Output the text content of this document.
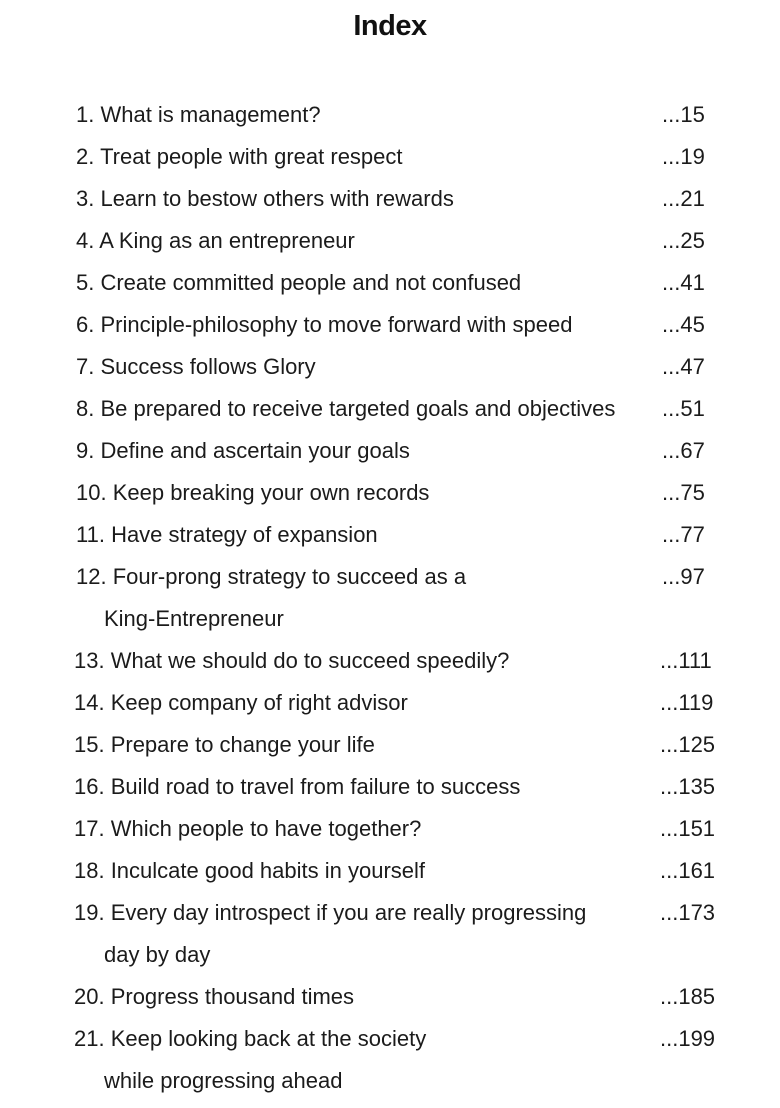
Index
1. What is management?	...15
2. Treat people with great respect	...19
3. Learn to bestow others with rewards	...21
4. A King as an entrepreneur	...25
5. Create committed people and not confused	...41
6. Principle-philosophy to move forward with speed	...45
7. Success follows Glory	...47
8. Be prepared to receive targeted goals and objectives ...51
9. Define and ascertain your goals	...67
10. Keep breaking your own records	...75
11. Have strategy of expansion	...77
12. Four-prong strategy to succeed as a	...97
King-Entrepreneur
13. What we should do to succeed speedily?	...111
14. Keep company of right advisor	...119
15. Prepare to change your life	...125
16. Build road to travel from failure to success	...135
17. Which people to have together?	...151
18. Inculcate good habits in yourself	...161
19. Every day introspect if you are really progressing	...173
day by day
20. Progress thousand times	...185
21. Keep looking back at the society	...199
while progressing ahead
